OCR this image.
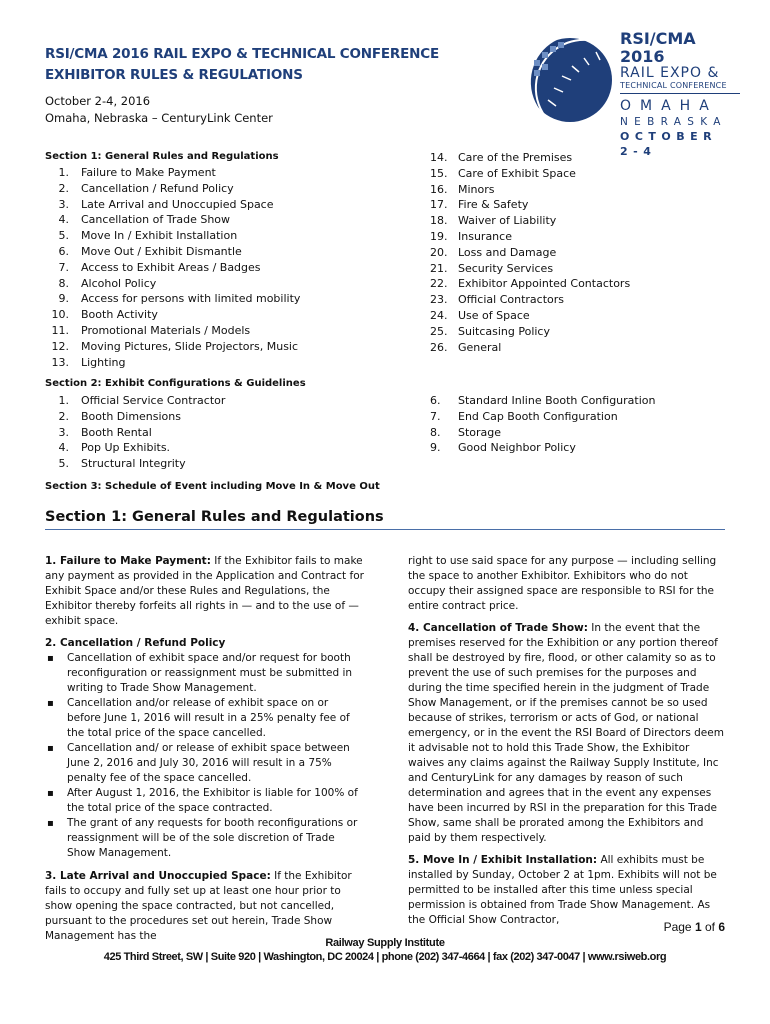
RSI/CMA 2016 RAIL EXPO & TECHNICAL CONFERENCE
EXHIBITOR RULES & REGULATIONS
October 2-4, 2016
Omaha, Nebraska – CenturyLink Center
RSI/CMA 2016
RAIL EXPO &
TECHNICAL CONFERENCE
OMAHA
NEBRASKA
OCTOBER 2-4
Section 1: General Rules and Regulations
1. Failure to Make Payment
2. Cancellation / Refund Policy
3. Late Arrival and Unoccupied Space
4. Cancellation of Trade Show
5. Move In / Exhibit Installation
6. Move Out / Exhibit Dismantle
7. Access to Exhibit Areas / Badges
8. Alcohol Policy
9. Access for persons with limited mobility
10. Booth Activity
11. Promotional Materials / Models
12. Moving Pictures, Slide Projectors, Music
13. Lighting
14. Care of the Premises
15. Care of Exhibit Space
16. Minors
17. Fire & Safety
18. Waiver of Liability
19. Insurance
20. Loss and Damage
21. Security Services
22. Exhibitor Appointed Contactors
23. Official Contractors
24. Use of Space
25. Suitcasing Policy
26. General
Section 2: Exhibit Configurations & Guidelines
1. Official Service Contractor
2. Booth Dimensions
3. Booth Rental
4. Pop Up Exhibits.
5. Structural Integrity
6. Standard Inline Booth Configuration
7. End Cap Booth Configuration
8. Storage
9. Good Neighbor Policy
Section 3: Schedule of Event including Move In & Move Out
Section 1: General Rules and Regulations

1. Failure to Make Payment: If the Exhibitor fails to make any payment as provided in the Application and Contract for Exhibit Space and/or these Rules and Regulations, the Exhibitor thereby forfeits all rights in — and to the use of — exhibit space.

2. Cancellation / Refund Policy

▪ Cancellation of exhibit space and/or request for booth reconfiguration or reassignment must be submitted in writing to Trade Show Management.
▪ Cancellation and/or release of exhibit space on or before June 1, 2016 will result in a 25% penalty fee of the total price of the space cancelled.
▪ Cancellation and/ or release of exhibit space between June 2, 2016 and July 30, 2016 will result in a 75% penalty fee of the space cancelled.
▪ After August 1, 2016, the Exhibitor is liable for 100% of the total price of the space contracted.
▪ The grant of any requests for booth reconfigurations or reassignment will be of the sole discretion of Trade Show Management.

3. Late Arrival and Unoccupied Space: If the Exhibitor fails to occupy and fully set up at least one hour prior to show opening the space contracted, but not cancelled, pursuant to the procedures set out herein, Trade Show Management has the

right to use said space for any purpose — including selling the space to another Exhibitor. Exhibitors who do not occupy their assigned space are responsible to RSI for the entire contract price.

4. Cancellation of Trade Show: In the event that the premises reserved for the Exhibition or any portion thereof shall be destroyed by fire, flood, or other calamity so as to prevent the use of such premises for the purposes and during the time specified herein in the judgment of Trade Show Management, or if the premises cannot be so used because of strikes, terrorism or acts of God, or national emergency, or in the event the RSI Board of Directors deem it advisable not to hold this Trade Show, the Exhibitor waives any claims against the Railway Supply Institute, Inc and CenturyLink for any damages by reason of such determination and agrees that in the event any expenses have been incurred by RSI in the preparation for this Trade Show, same shall be prorated among the Exhibitors and paid by them respectively.

5. Move In / Exhibit Installation: All exhibits must be installed by Sunday, October 2 at 1pm. Exhibits will not be permitted to be installed after this time unless special permission is obtained from Trade Show Management. As the Official Show Contractor,	Page 1 of 6
Railway Supply Institute
425 Third Street, SW | Suite 920 | Washington, DC 20024 | phone (202) 347-4664 | fax (202) 347-0047 | www.rsiweb.org
